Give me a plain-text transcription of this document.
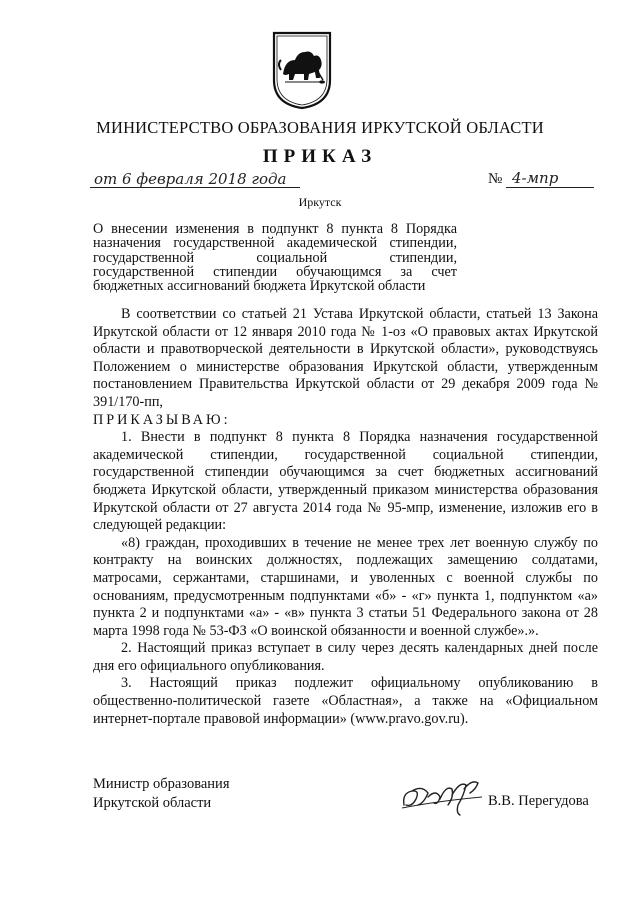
МИНИСТЕРСТВО ОБРАЗОВАНИЯ ИРКУТСКОЙ ОБЛАСТИ
ПРИКАЗ
от 6 февраля 2018 года	№ 4-мпр
Иркутск
О внесении изменения в подпункт 8 пункта 8 Порядка
назначения государственной академической стипендии,
государственной социальной стипендии,
государственной стипендии обучающимся за счет
бюджетных ассигнований бюджета Иркутской области

В соответствии со статьей 21 Устава Иркутской области, статьей 13 Закона Иркутской области от 12 января 2010 года № 1-оз «О правовых актах Иркутской области и правотворческой деятельности в Иркутской области», руководствуясь Положением о министерстве образования Иркутской области, утвержденным постановлением Правительства Иркутской области от 29 декабря 2009 года № 391/170-пп,

ПРИКАЗЫВАЮ:

1. Внести в подпункт 8 пункта 8 Порядка назначения государственной академической стипендии, государственной социальной стипендии, государственной стипендии обучающимся за счет бюджетных ассигнований бюджета Иркутской области, утвержденный приказом министерства образования Иркутской области от 27 августа 2014 года № 95-мпр, изменение, изложив его в следующей редакции:

«8) граждан, проходивших в течение не менее трех лет военную службу по контракту на воинских должностях, подлежащих замещению солдатами, матросами, сержантами, старшинами, и уволенных с военной службы по основаниям, предусмотренным подпунктами «б» - «г» пункта 1, подпунктом «а» пункта 2 и подпунктами «а» - «в» пункта 3 статьи 51 Федерального закона от 28 марта 1998 года № 53-ФЗ «О воинской обязанности и военной службе».».

2. Настоящий приказ вступает в силу через десять календарных дней после дня его официального опубликования.

3. Настоящий приказ подлежит официальному опубликованию в общественно-политической газете «Областная», а также на «Официальном интернет-портале правовой информации» (www.pravo.gov.ru).

Министр образования
Иркутской области	В.В. Перегудова
